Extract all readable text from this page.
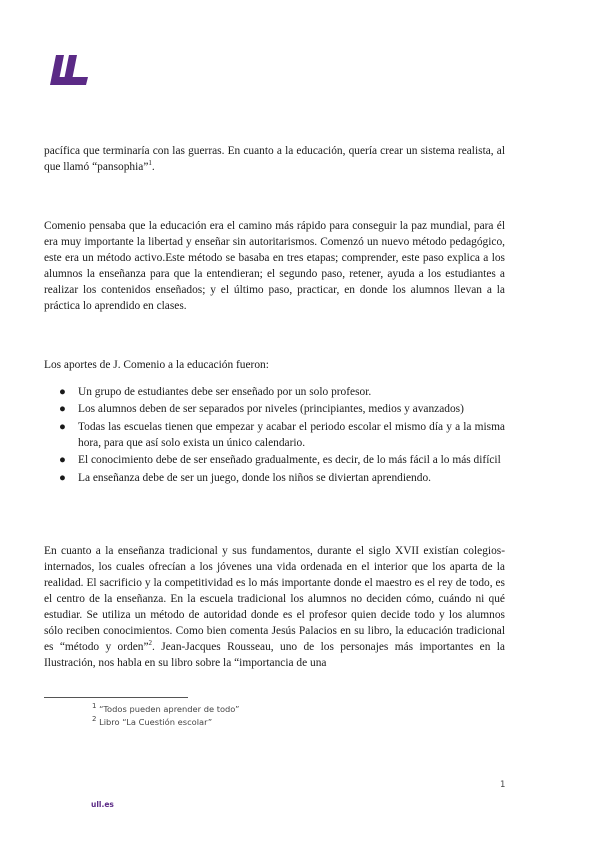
pacífica que terminaría con las guerras. En cuanto a la educación, quería crear un sistema realista, al que llamó “pansophia”$^1$.
Comenio pensaba que la educación era el camino más rápido para conseguir la paz mundial, para él era muy importante la libertad y enseñar sin autoritarismos. Comenzó un nuevo método pedagógico, este era un método activo.Este método se basaba en tres etapas; comprender, este paso explica a los alumnos la enseñanza para que la entendieran; el segundo paso, retener, ayuda a los estudiantes a realizar los contenidos enseñados; y el último paso, practicar, en donde los alumnos llevan a la práctica lo aprendido en clases.
Los aportes de J. Comenio a la educación fueron:
● Un grupo de estudiantes debe ser enseñado por un solo profesor.
● Los alumnos deben de ser separados por niveles (principiantes, medios y avanzados)
● Todas las escuelas tienen que empezar y acabar el periodo escolar el mismo día y a la misma hora, para que así solo exista un único calendario.
● El conocimiento debe de ser enseñado gradualmente, es decir, de lo más fácil a lo más difícil
● La enseñanza debe de ser un juego, donde los niños se diviertan aprendiendo.
En cuanto a la enseñanza tradicional y sus fundamentos, durante el siglo XVII existían colegios-internados, los cuales ofrecían a los jóvenes una vida ordenada en el interior que los aparta de la realidad. El sacrificio y la competitividad es lo más importante donde el maestro es el rey de todo, es el centro de la enseñanza. En la escuela tradicional los alumnos no deciden cómo, cuándo ni qué estudiar. Se utiliza un método de autoridad donde es el profesor quien decide todo y los alumnos sólo reciben conocimientos. Como bien comenta Jesús Palacios en su libro, la educación tradicional es “método y orden”$^2$. Jean-Jacques Rousseau, uno de los personajes más importantes en la Ilustración, nos habla en su libro sobre la “importancia de una
$^1$ “Todos pueden aprender de todo”
$^2$ Libro “La Cuestión escolar”
1
ull.es
